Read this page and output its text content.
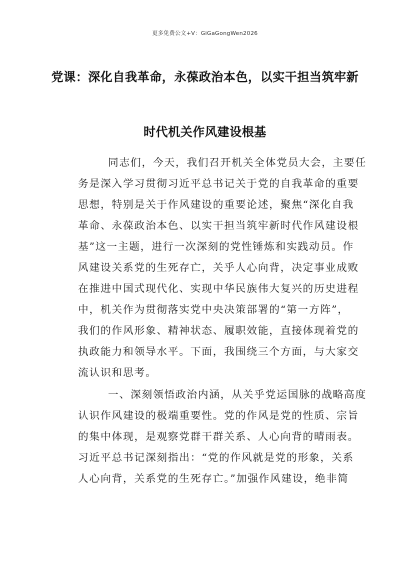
更多免费公文+V：GiGaGongWen2026
党课：深化自我革命，永葆政治本色，以实干担当筑牢新
时代机关作风建设根基
同志们，今天，我们召开机关全体党员大会，主要任
务是深入学习贯彻习近平总书记关于党的自我革命的重要
思想，特别是关于作风建设的重要论述，聚焦“深化自我
革命、永葆政治本色、以实干担当筑牢新时代作风建设根
基”这一主题，进行一次深刻的党性锤炼和实践动员。作
风建设关系党的生死存亡，关乎人心向背，决定事业成败
在推进中国式现代化、实现中华民族伟大复兴的历史进程
中，机关作为贯彻落实党中央决策部署的“第一方阵”，
我们的作风形象、精神状态、履职效能，直接体现着党的
执政能力和领导水平。下面，我围绕三个方面，与大家交
流认识和思考。
一、深刻领悟政治内涵，从关乎党运国脉的战略高度
认识作风建设的极端重要性。党的作风是党的性质、宗旨
的集中体现，是观察党群干群关系、人心向背的晴雨表。
习近平总书记深刻指出：“党的作风就是党的形象，关系
人心向背，关系党的生死存亡。”加强作风建设，绝非简
